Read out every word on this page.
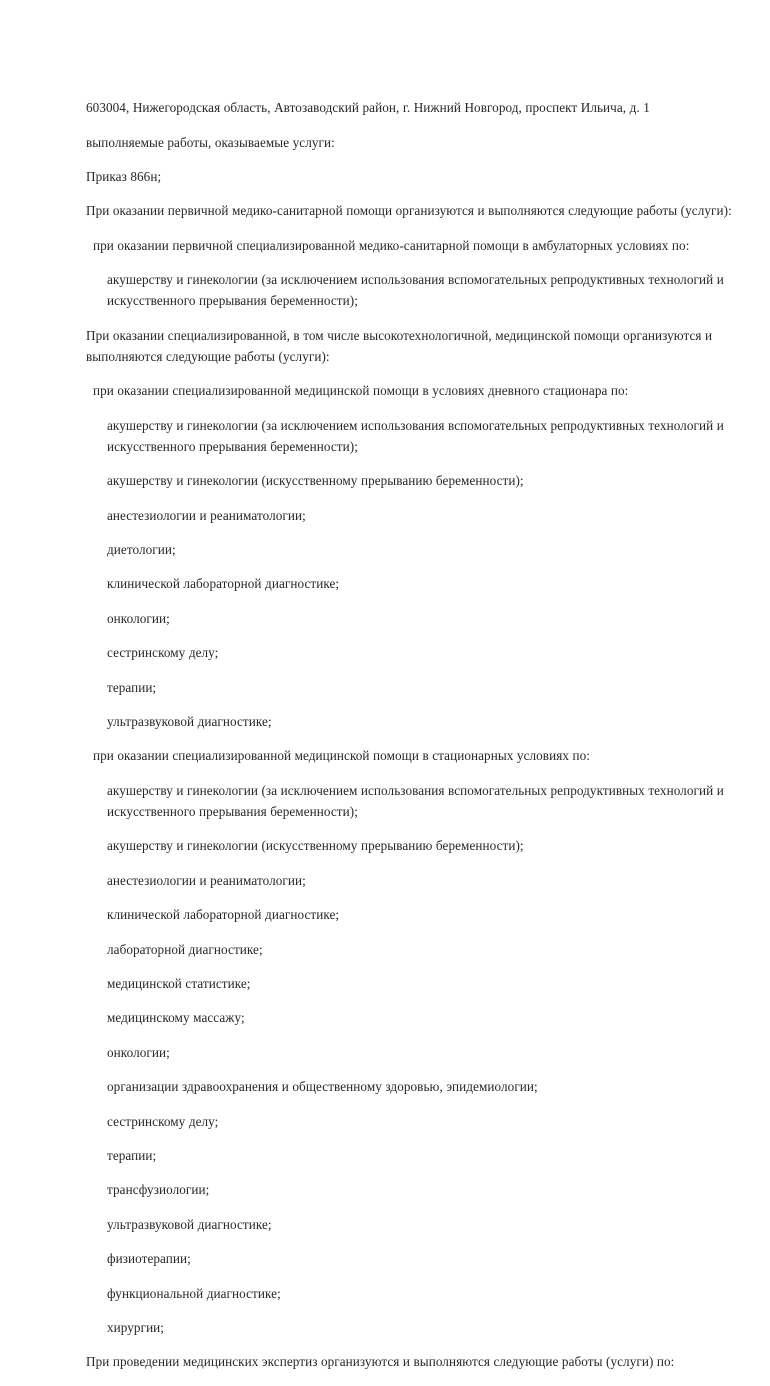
603004, Нижегородская область, Автозаводский район, г. Нижний Новгород, проспект Ильича, д. 1

выполняемые работы, оказываемые услуги:

Приказ 866н;

При оказании первичной медико-санитарной помощи организуются и выполняются следующие работы (услуги):

при оказании первичной специализированной медико-санитарной помощи в амбулаторных условиях по:

акушерству и гинекологии (за исключением использования вспомогательных репродуктивных технологий и искусственного прерывания беременности);

При оказании специализированной, в том числе высокотехнологичной, медицинской помощи организуются и выполняются следующие работы (услуги):

при оказании специализированной медицинской помощи в условиях дневного стационара по:

акушерству и гинекологии (за исключением использования вспомогательных репродуктивных технологий и искусственного прерывания беременности);

акушерству и гинекологии (искусственному прерыванию беременности);

анестезиологии и реаниматологии;

диетологии;

клинической лабораторной диагностике;

онкологии;

сестринскому делу;

терапии;

ультразвуковой диагностике;

при оказании специализированной медицинской помощи в стационарных условиях по:

акушерству и гинекологии (за исключением использования вспомогательных репродуктивных технологий и искусственного прерывания беременности);

акушерству и гинекологии (искусственному прерыванию беременности);

анестезиологии и реаниматологии;

клинической лабораторной диагностике;

лабораторной диагностике;

медицинской статистике;

медицинскому массажу;

онкологии;

организации здравоохранения и общественному здоровью, эпидемиологии;

сестринскому делу;

терапии;

трансфузиологии;

ультразвуковой диагностике;

физиотерапии;

функциональной диагностике;

хирургии;

При проведении медицинских экспертиз организуются и выполняются следующие работы (услуги) по:
